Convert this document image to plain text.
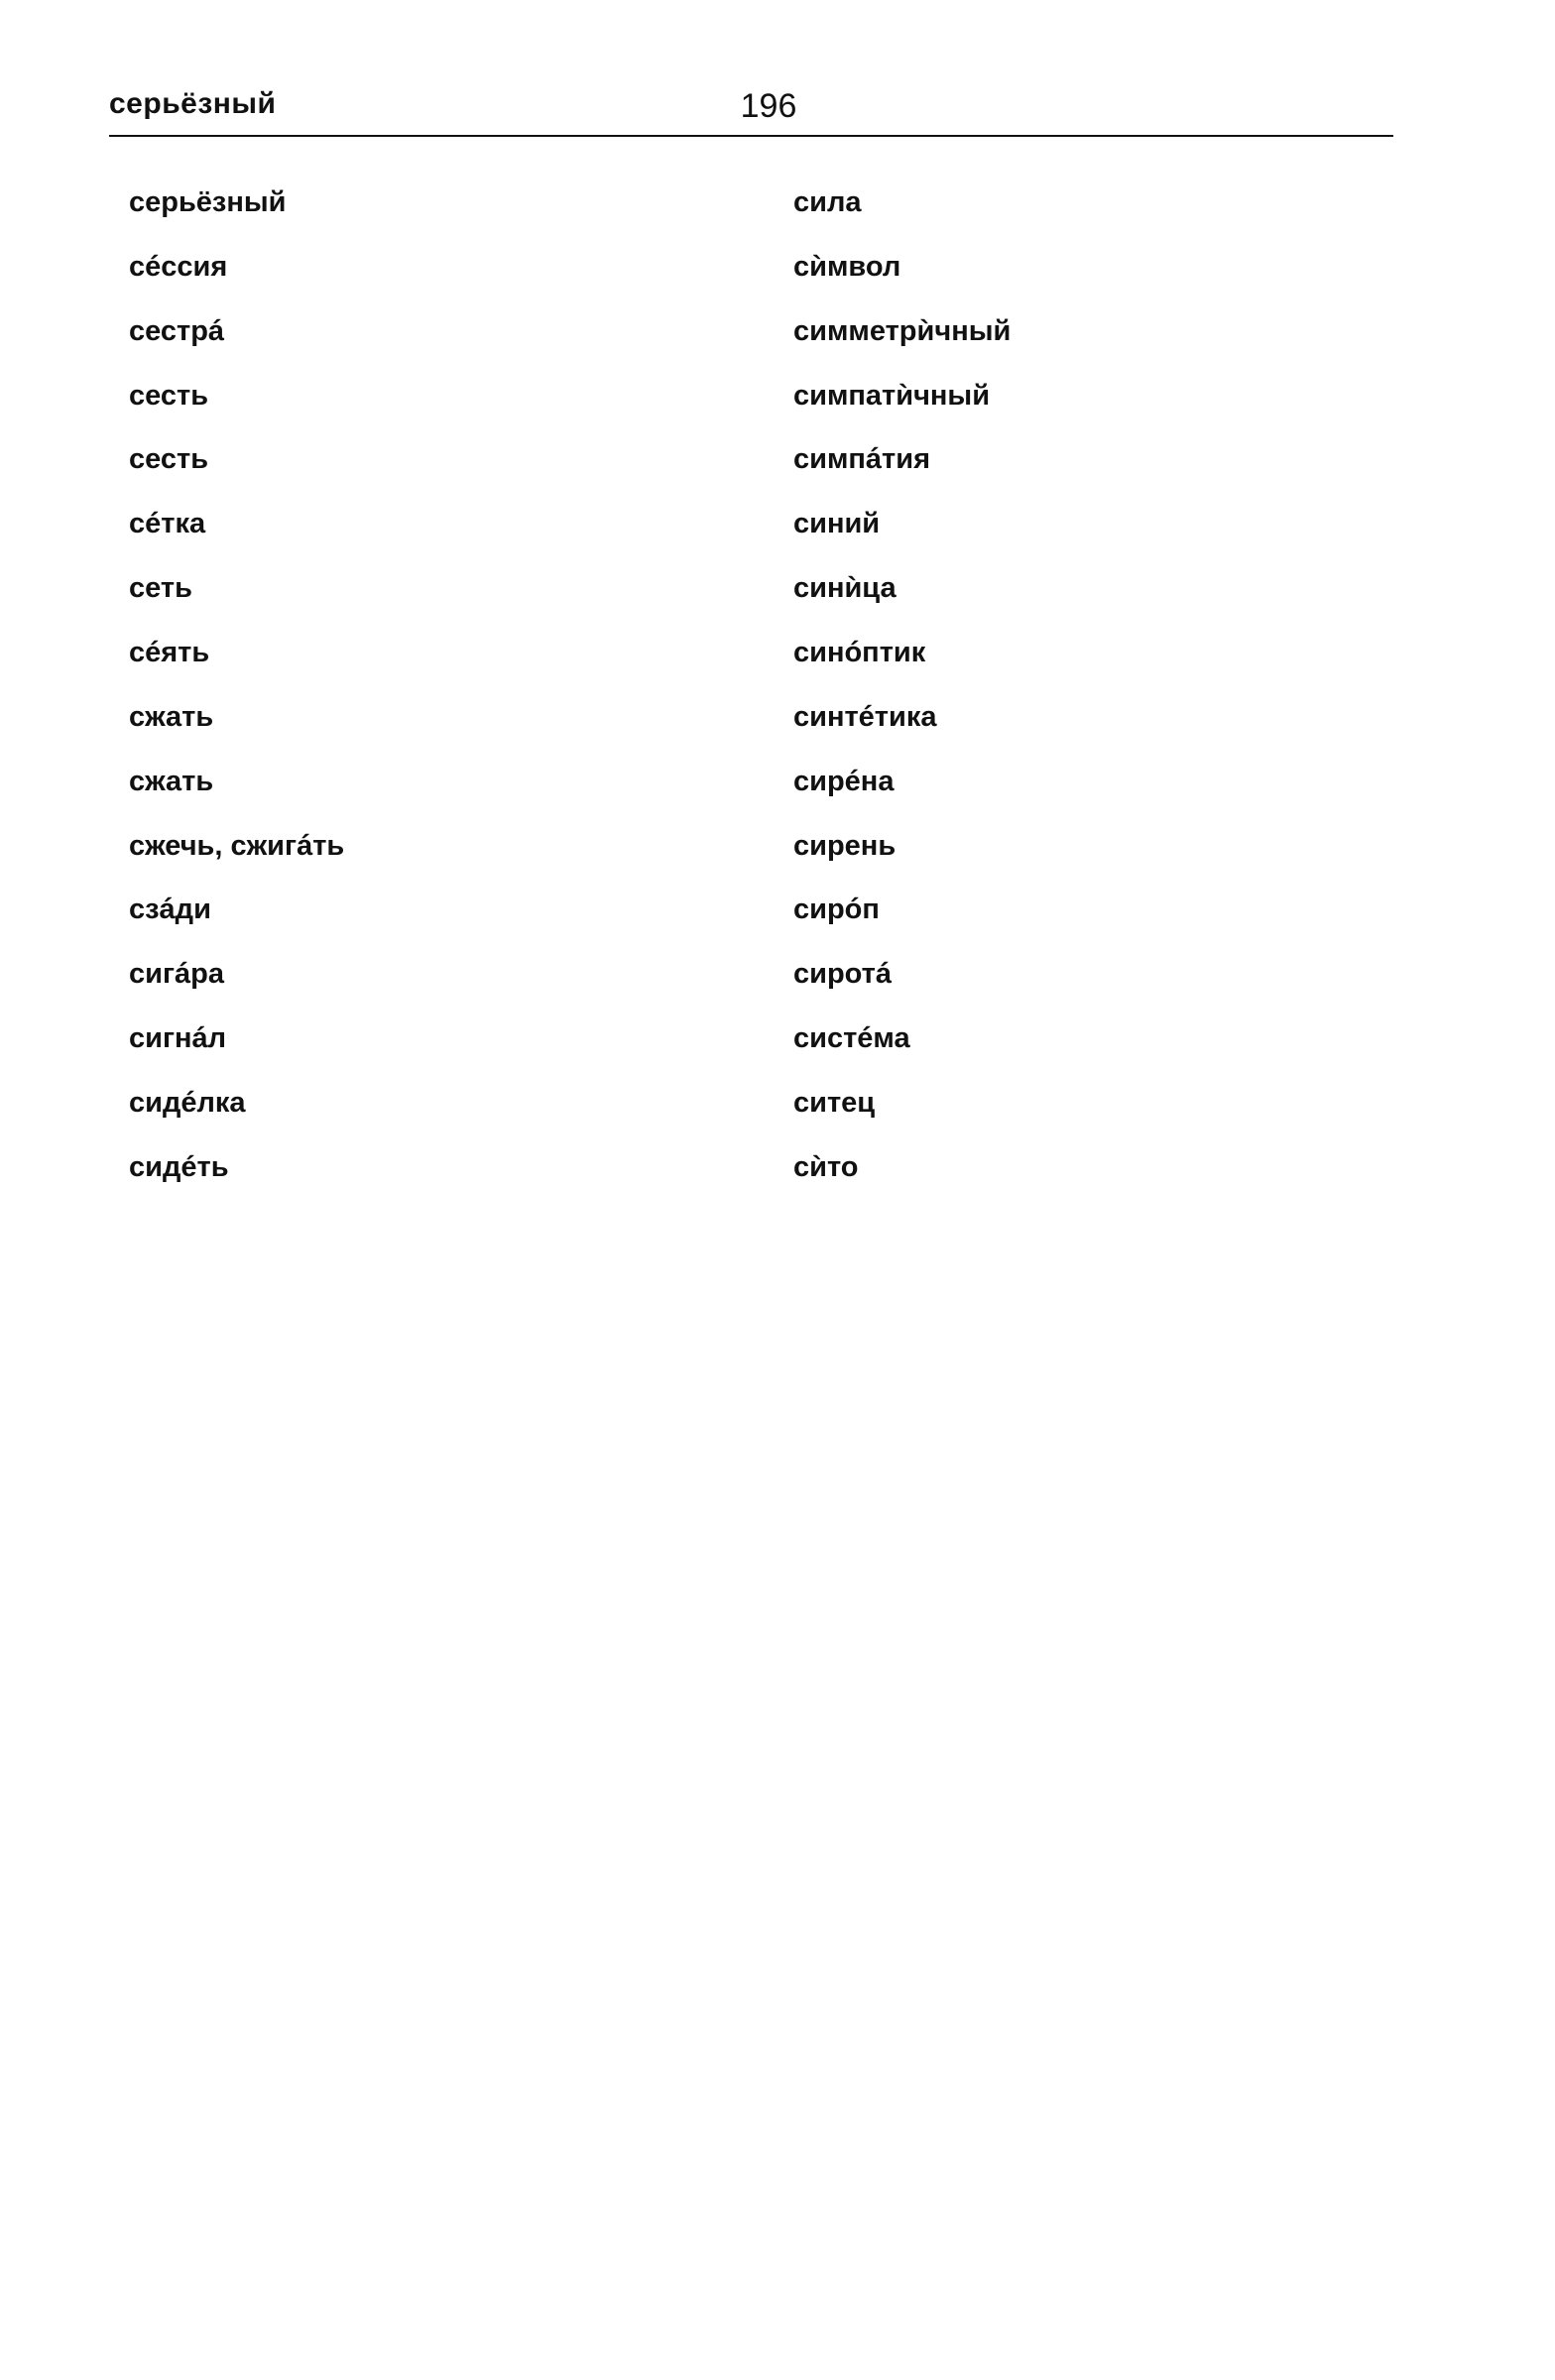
серьёзный	196

серьёзный

сéссия

сестрá

сесть

сесть

сéтка

сеть

сéять

сжать

сжать

сжечь, сжигáть

сзáди

сигáра

сигнáл

сидéлка

сидéть

сила

сѝмвол

симметрѝчный

симпатѝчный

симпáтия

синий

синѝца

синóптик

синтéтика

сирéна

сирень

сирóп

сиротá

систéма

ситец

сѝто
